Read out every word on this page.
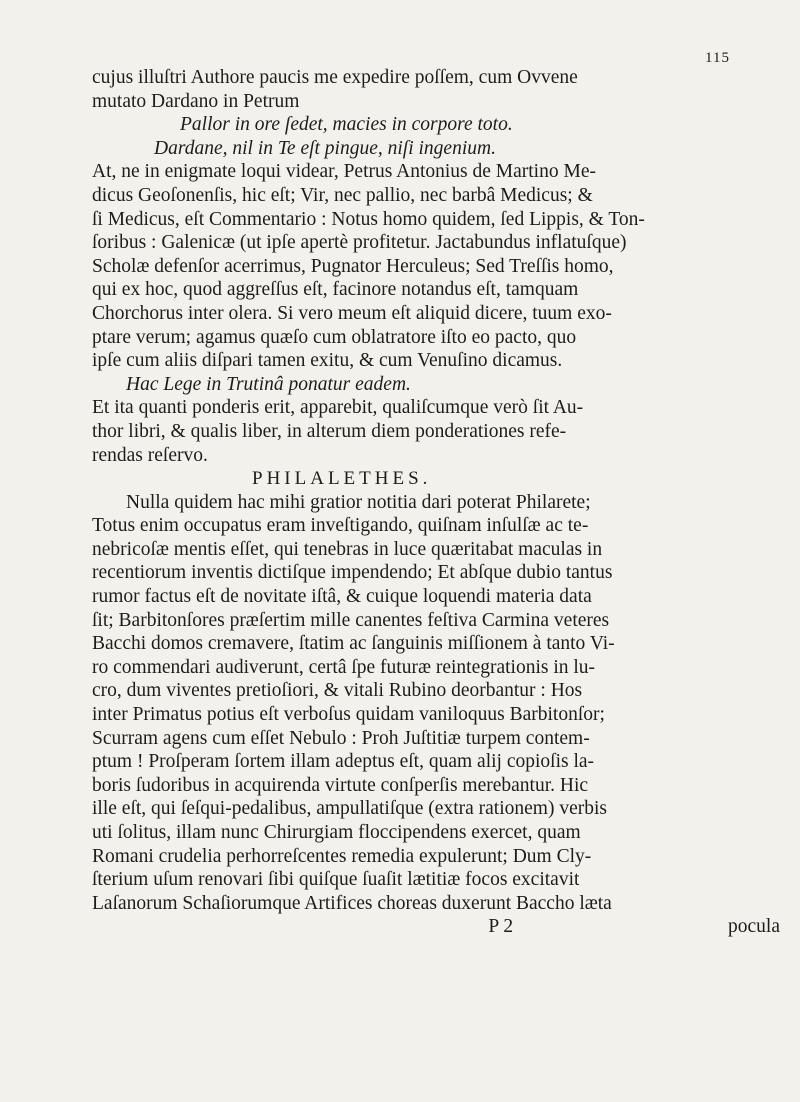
115
cujus illuſtri Authore paucis me expedire poſſem, cum Ovvene
mutato Dardano in Petrum
Pallor in ore ſedet, macies in corpore toto.
Dardane, nil in Te eſt pingue, niſi ingenium.
At, ne in enigmate loqui videar, Petrus Antonius de Martino Me-
dicus Geoſonenſis, hic eſt; Vir, nec pallio, nec barbâ Medicus; &
ſi Medicus, eſt Commentario : Notus homo quidem, ſed Lippis, & Ton-
ſoribus : Galenicæ (ut ipſe apertè profitetur. Jactabundus inflatuſque)
Scholæ defenſor acerrimus, Pugnator Herculeus; Sed Treſſis homo,
qui ex hoc, quod aggreſſus eſt, facinore notandus eſt, tamquam
Chorchorus inter olera. Si vero meum eſt aliquid dicere, tuum exo-
ptare verum; agamus quæſo cum oblatratore iſto eo pacto, quo
ipſe cum aliis diſpari tamen exitu, & cum Venuſino dicamus.
Hac Lege in Trutinâ ponatur eadem.
Et ita quanti ponderis erit, apparebit, qualiſcumque verò ſit Au-
thor libri, & qualis liber, in alterum diem ponderationes refe-
rendas reſervo.
PHILALETHES.
Nulla quidem hac mihi gratior notitia dari poterat Philarete;
Totus enim occupatus eram inveſtigando, quiſnam inſulſæ ac te-
nebricoſæ mentis eſſet, qui tenebras in luce quæritabat maculas in
recentiorum inventis dictiſque impendendo; Et abſque dubio tantus
rumor factus eſt de novitate iſtâ, & cuique loquendi materia data
ſit; Barbitonſores præſertim mille canentes feſtiva Carmina veteres
Bacchi domos cremavere, ſtatim ac ſanguinis miſſionem à tanto Vi-
ro commendari audiverunt, certâ ſpe futuræ reintegrationis in lu-
cro, dum viventes pretioſiori, & vitali Rubino deorbantur : Hos
inter Primatus potius eſt verboſus quidam vaniloquus Barbitonſor;
Scurram agens cum eſſet Nebulo : Proh Juſtitiæ turpem contem-
ptum ! Proſperam ſortem illam adeptus eſt, quam alij copioſis la-
boris ſudoribus in acquirenda virtute conſperſis merebantur. Hic
ille eſt, qui ſeſqui-pedalibus, ampullatiſque (extra rationem) verbis
uti ſolitus, illam nunc Chirurgiam floccipendens exercet, quam
Romani crudelia perhorreſcentes remedia expulerunt; Dum Cly-
ſterium uſum renovari ſibi quiſque ſuaſit lætitiæ focos excitavit
Laſanorum Schaſiorumque Artifices choreas duxerunt Baccho læta
P 2	pocula
